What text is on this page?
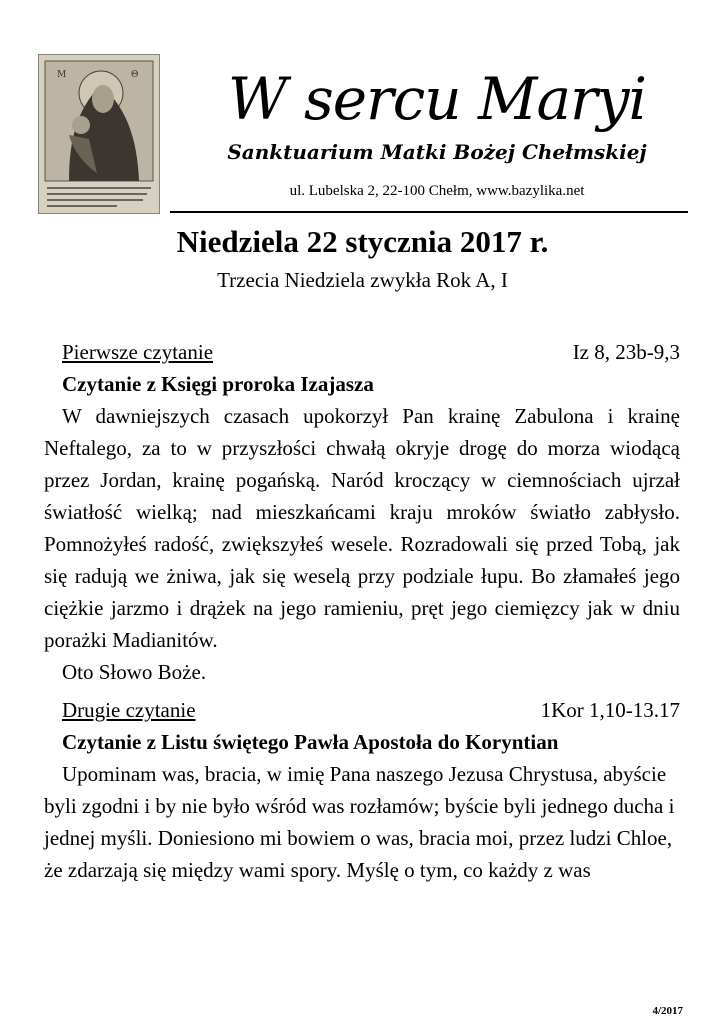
M	Θ	W sercu Maryi
Sanktuarium Matki Bożej Chełmskiej
ul. Lubelska 2, 22-100 Chełm, www.bazylika.net
Niedziela 22 stycznia 2017 r.
Trzecia Niedziela zwykła Rok A, I
Pierwsze czytanie	Iz 8, 23b-9,3

Czytanie z Księgi proroka Izajasza

W dawniejszych czasach upokorzył Pan krainę Zabulona i krainę Neftalego, za to w przyszłości chwałą okryje drogę do morza wiodącą przez Jordan, krainę pogańską. Naród kroczący w ciemnościach ujrzał światłość wielką; nad mieszkańcami kraju mroków światło zabłysło. Pomnożyłeś radość, zwiększyłeś wesele. Rozradowali się przed Tobą, jak się radują we żniwa, jak się weselą przy podziale łupu. Bo złamałeś jego ciężkie jarzmo i drążek na jego ramieniu, pręt jego ciemięzcy jak w dniu porażki Madianitów.

Oto Słowo Boże.

Drugie czytanie	1Kor 1,10-13.17

Czytanie z Listu świętego Pawła Apostoła do Koryntian

Upominam was, bracia, w imię Pana naszego Jezusa Chrystusa, abyście byli zgodni i by nie było wśród was rozłamów; byście byli jednego ducha i jednej myśli. Doniesiono mi bowiem o was, bracia moi, przez ludzi Chloe, że zdarzają się między wami spory. Myślę o tym, co każdy z was

4/2017
